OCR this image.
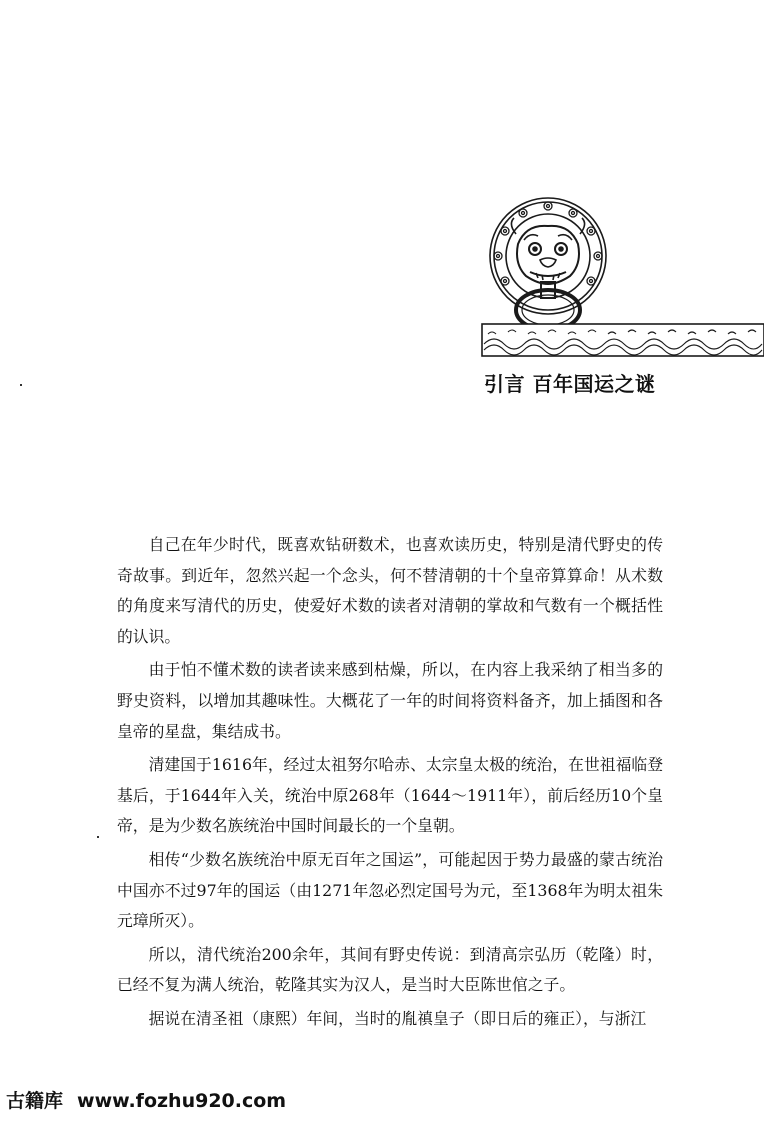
引言 百年国运之谜

自己在年少时代，既喜欢钻研数术，也喜欢读历史，特别是清代野史的传奇故事。到近年，忽然兴起一个念头，何不替清朝的十个皇帝算算命！从术数的角度来写清代的历史，使爱好术数的读者对清朝的掌故和气数有一个概括性的认识。

由于怕不懂术数的读者读来感到枯燥，所以，在内容上我采纳了相当多的野史资料，以增加其趣味性。大概花了一年的时间将资料备齐，加上插图和各皇帝的星盘，集结成书。

清建国于1616年，经过太祖努尔哈赤、太宗皇太极的统治，在世祖福临登基后，于1644年入关，统治中原268年（1644～1911年），前后经历10个皇帝，是为少数名族统治中国时间最长的一个皇朝。

相传“少数名族统治中原无百年之国运”，可能起因于势力最盛的蒙古统治中国亦不过97年的国运（由1271年忽必烈定国号为元，至1368年为明太祖朱元璋所灭）。

所以，清代统治200余年，其间有野史传说：到清高宗弘历（乾隆）时，已经不复为满人统治，乾隆其实为汉人，是当时大臣陈世倌之子。

据说在清圣祖（康熙）年间，当时的胤禛皇子（即日后的雍正），与浙江

古籍库 www.fozhu920.com
